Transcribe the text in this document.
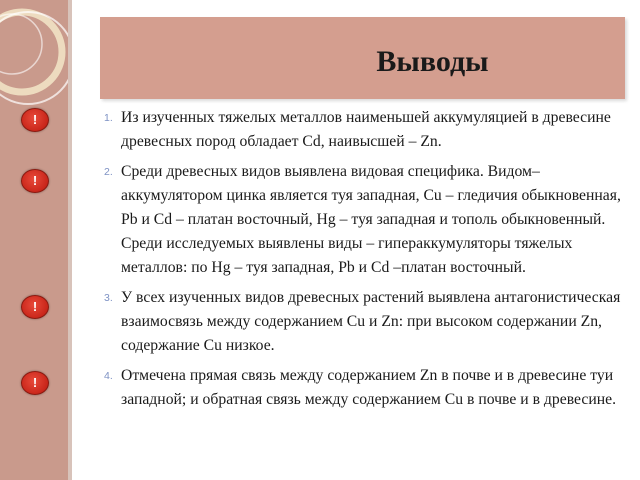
Выводы
!
!
!
!
1. Из изученных тяжелых металлов наименьшей аккумуляцией в древесине древесных пород обладает Cd, наивысшей – Zn.
2. Среди древесных видов выявлена видовая специфика. Видом–аккумулятором цинка является туя западная, Cu – гледичия обыкновенная, Pb и Cd – платан восточный, Hg – туя западная и тополь обыкновенный. Среди исследуемых выявлены виды – гипераккумуляторы тяжелых металлов: по Hg – туя западная, Pb и Cd –платан восточный.
3. У всех изученных видов древесных растений выявлена антагонистическая взаимосвязь между содержанием Cu и Zn: при высоком содержании Zn, содержание Cu низкое.
4. Отмечена прямая связь между содержанием Zn в почве и в древесине туи западной; и обратная связь между содержанием Cu в почве и в древесине.
